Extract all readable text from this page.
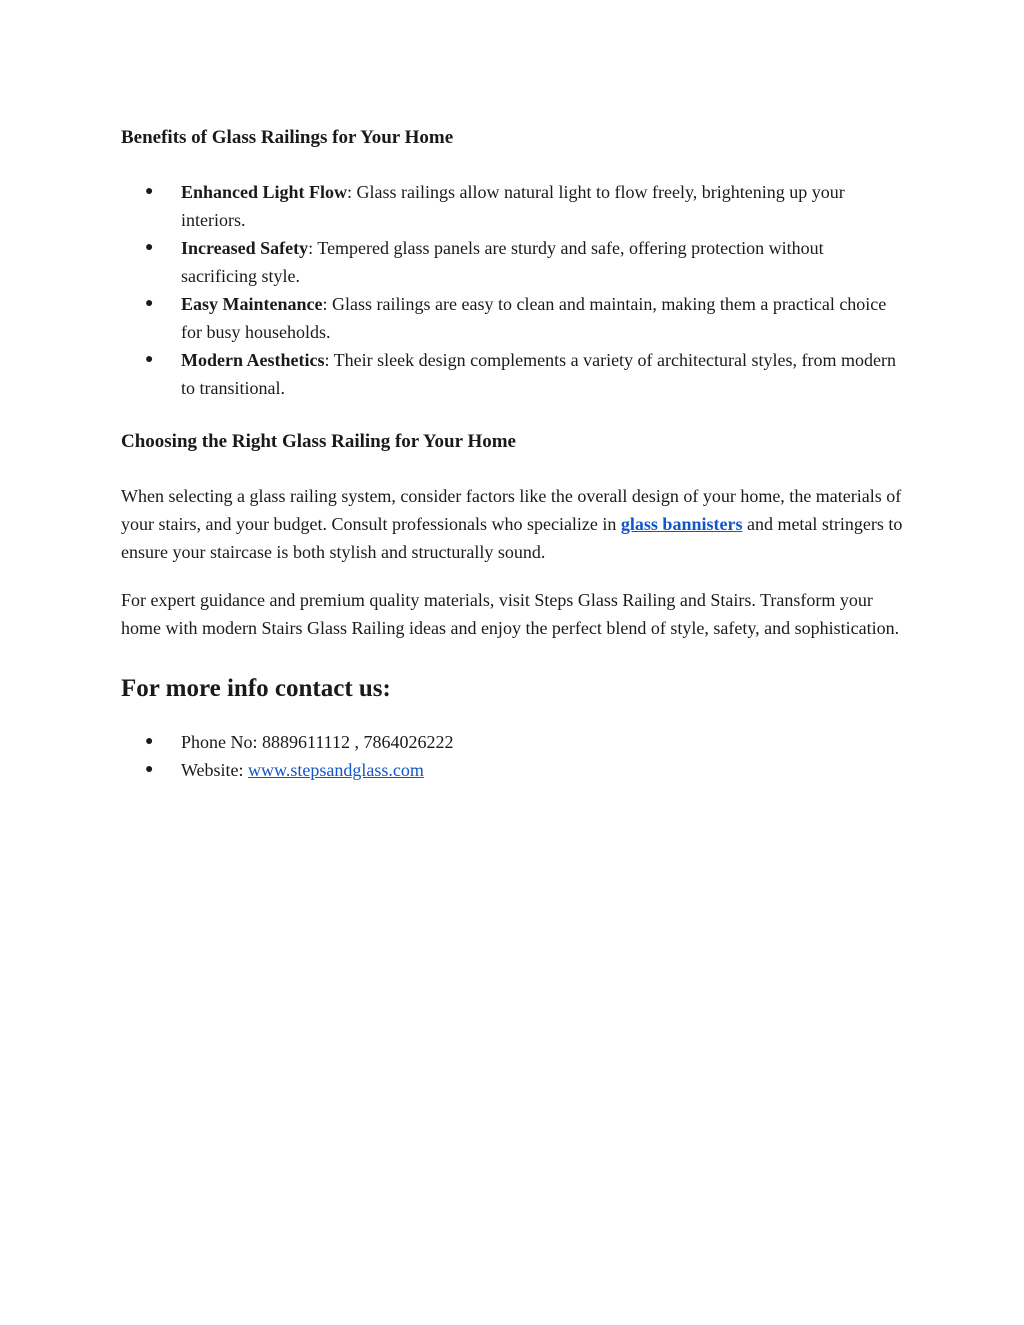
Benefits of Glass Railings for Your Home
● Enhanced Light Flow: Glass railings allow natural light to flow freely, brightening up your interiors.
● Increased Safety: Tempered glass panels are sturdy and safe, offering protection without sacrificing style.
● Easy Maintenance: Glass railings are easy to clean and maintain, making them a practical choice for busy households.
● Modern Aesthetics: Their sleek design complements a variety of architectural styles, from modern to transitional.
Choosing the Right Glass Railing for Your Home

When selecting a glass railing system, consider factors like the overall design of your home, the materials of your stairs, and your budget. Consult professionals who specialize in glass bannisters and metal stringers to ensure your staircase is both stylish and structurally sound.

For expert guidance and premium quality materials, visit Steps Glass Railing and Stairs. Transform your home with modern Stairs Glass Railing ideas and enjoy the perfect blend of style, safety, and sophistication.

For more info contact us:
● Phone No: 8889611112 , 7864026222
● Website: www.stepsandglass.com
